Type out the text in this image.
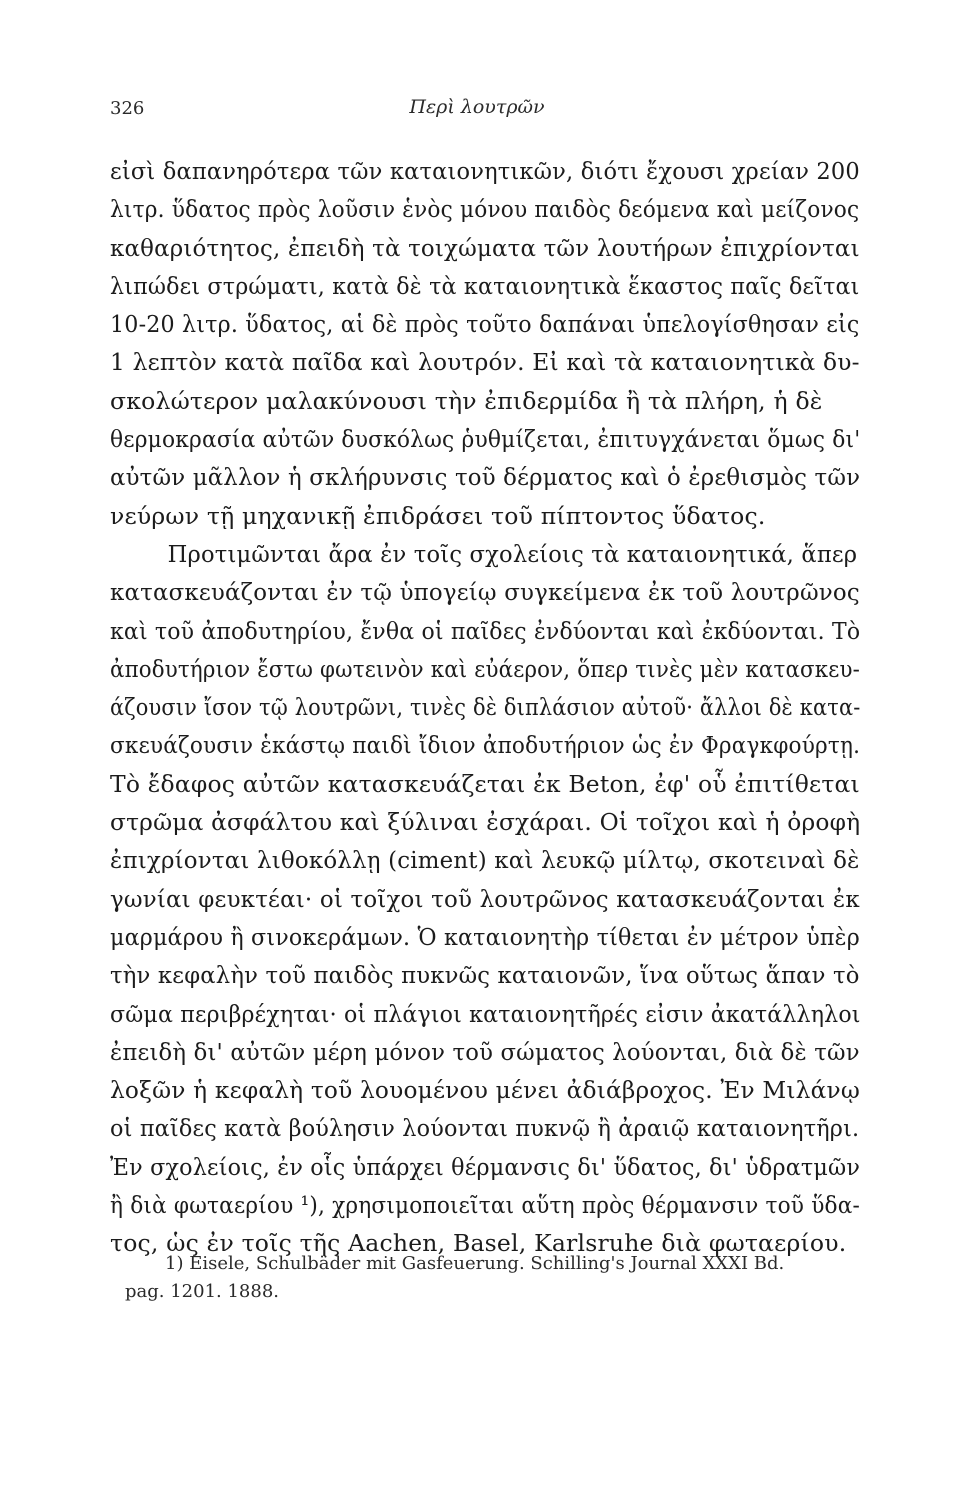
326	Περὶ λουτρῶν
εἰσὶ δαπανηρότερα τῶν καταιονητικῶν, διότι ἔχουσι χρείαν 200
λιτρ. ὕδατος πρὸς λοῦσιν ἑνὸς μόνου παιδὸς δεόμενα καὶ μείζονος
καθαριότητος, ἐπειδὴ τὰ τοιχώματα τῶν λουτήρων ἐπιχρίονται
λιπώδει στρώματι, κατὰ δὲ τὰ καταιονητικὰ ἕκαστος παῖς δεῖται
10-20 λιτρ. ὕδατος, αἱ δὲ πρὸς τοῦτο δαπάναι ὑπελογίσθησαν εἰς
1 λεπτὸν κατὰ παῖδα καὶ λουτρόν. Εἰ καὶ τὰ καταιονητικὰ δυ-
σκολώτερον μαλακύνουσι τὴν ἐπιδερμίδα ἢ τὰ πλήρη, ἡ δὲ
θερμοκρασία αὐτῶν δυσκόλως ῥυθμίζεται, ἐπιτυγχάνεται ὅμως δι'
αὐτῶν μᾶλλον ἡ σκλήρυνσις τοῦ δέρματος καὶ ὁ ἐρεθισμὸς τῶν
νεύρων τῇ μηχανικῇ ἐπιδράσει τοῦ πίπτοντος ὕδατος.
Προτιμῶνται ἄρα ἐν τοῖς σχολείοις τὰ καταιονητικά, ἅπερ
κατασκευάζονται ἐν τῷ ὑπογείῳ συγκείμενα ἐκ τοῦ λουτρῶνος
καὶ τοῦ ἀποδυτηρίου, ἔνθα οἱ παῖδες ἐνδύονται καὶ ἐκδύονται. Τὸ
ἀποδυτήριον ἔστω φωτεινὸν καὶ εὐάερον, ὅπερ τινὲς μὲν κατασκευ-
άζουσιν ἴσον τῷ λουτρῶνι, τινὲς δὲ διπλάσιον αὐτοῦ· ἄλλοι δὲ κατα-
σκευάζουσιν ἑκάστῳ παιδὶ ἴδιον ἀποδυτήριον ὡς ἐν Φραγκφούρτῃ.
Τὸ ἔδαφος αὐτῶν κατασκευάζεται ἐκ Beton, ἐφ' οὗ ἐπιτίθεται
στρῶμα ἀσφάλτου καὶ ξύλιναι ἐσχάραι. Οἱ τοῖχοι καὶ ἡ ὀροφὴ
ἐπιχρίονται λιθοκόλλῃ (ciment) καὶ λευκῷ μίλτῳ, σκοτειναὶ δὲ
γωνίαι φευκτέαι· οἱ τοῖχοι τοῦ λουτρῶνος κατασκευάζονται ἐκ
μαρμάρου ἢ σινοκεράμων. Ὁ καταιονητὴρ τίθεται ἐν μέτρον ὑπὲρ
τὴν κεφαλὴν τοῦ παιδὸς πυκνῶς καταιονῶν, ἵνα οὕτως ἅπαν τὸ
σῶμα περιβρέχηται· οἱ πλάγιοι καταιονητῆρές εἰσιν ἀκατάλληλοι
ἐπειδὴ δι' αὐτῶν μέρη μόνον τοῦ σώματος λούονται, διὰ δὲ τῶν
λοξῶν ἡ κεφαλὴ τοῦ λουομένου μένει ἀδιάβροχος. Ἐν Μιλάνῳ
οἱ παῖδες κατὰ βούλησιν λούονται πυκνῷ ἢ ἀραιῷ καταιονητῆρι.
Ἐν σχολείοις, ἐν οἷς ὑπάρχει θέρμανσις δι' ὕδατος, δι' ὑδρατμῶν
ἢ διὰ φωταερίου ¹), χρησιμοποιεῖται αὕτη πρὸς θέρμανσιν τοῦ ὕδα-
τος, ὡς ἐν τοῖς τῆς Aachen, Basel, Karlsruhe διὰ φωταερίου.
1) Eisele, Schulbäder mit Gasfeuerung. Schilling's Journal XXXI Bd.
pag. 1201. 1888.
